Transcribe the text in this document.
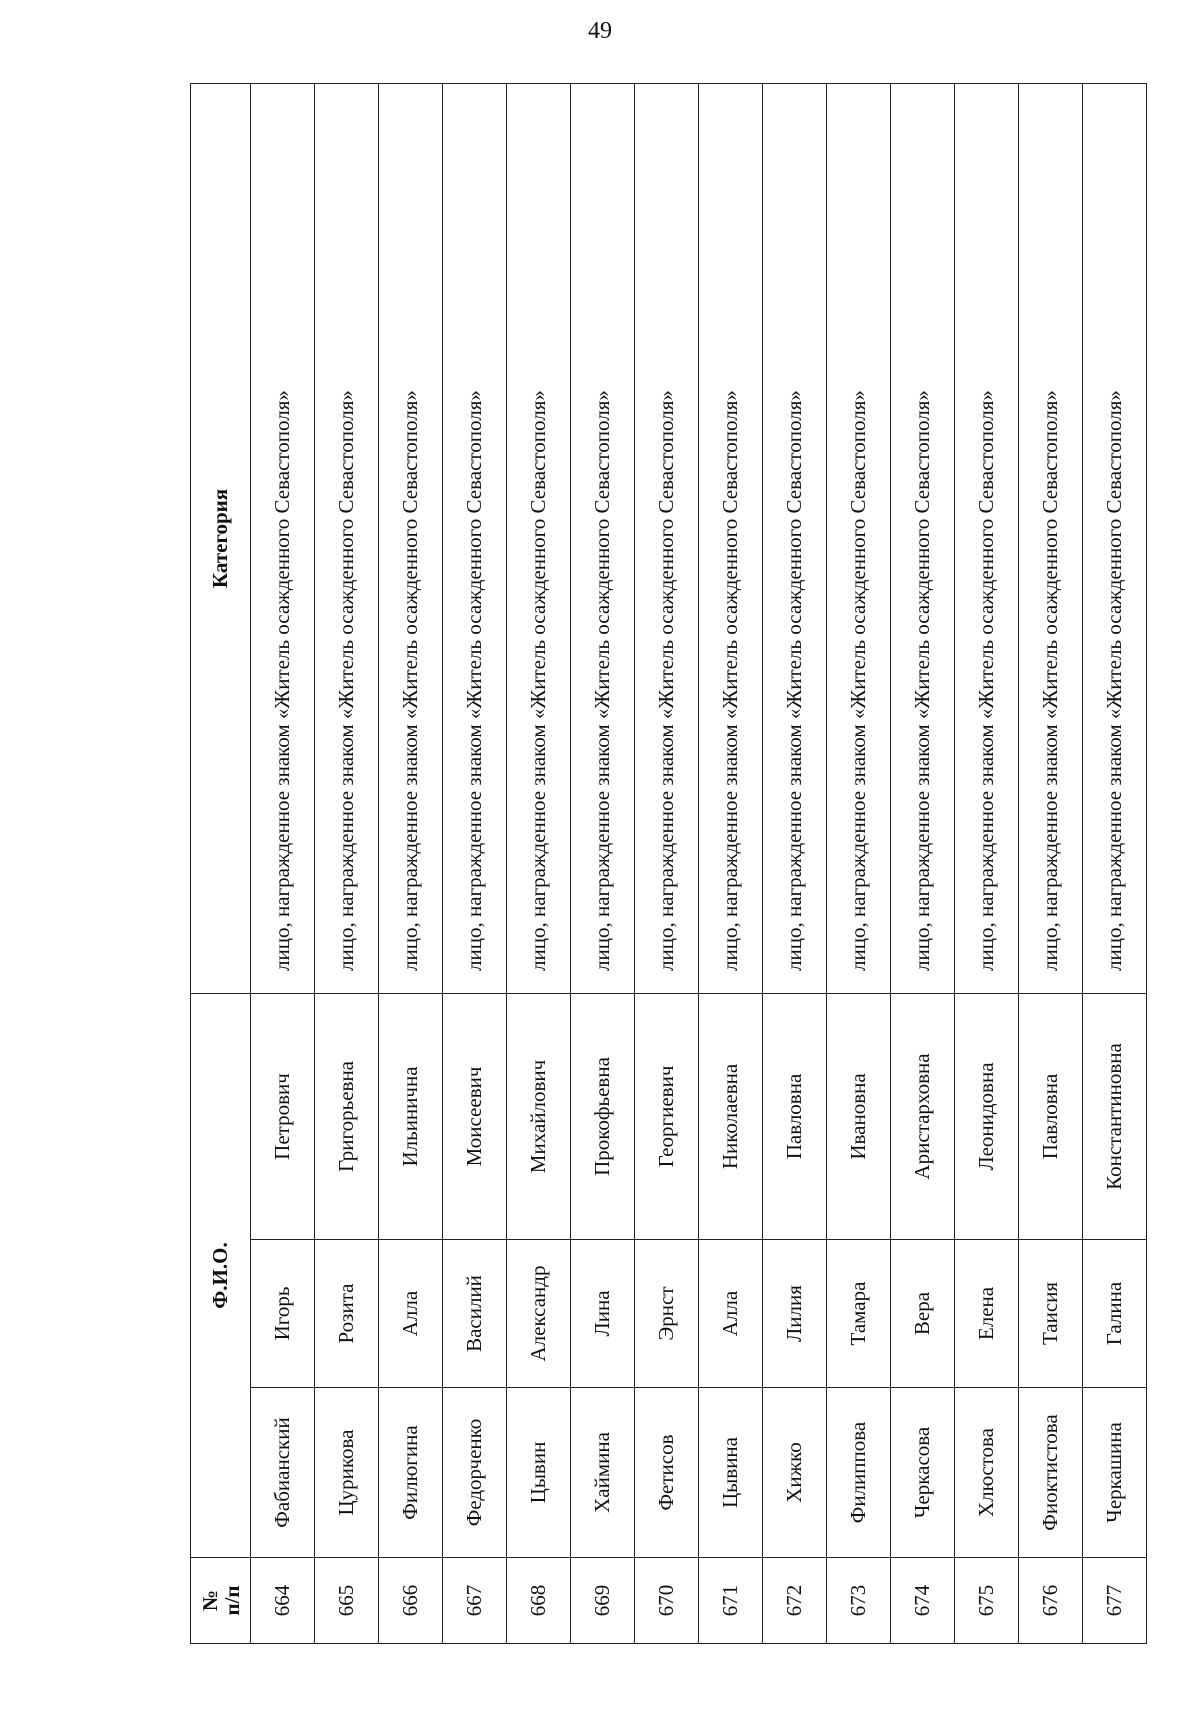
49
№
п/п	Ф.И.О.			Категория
664	Фабианский	Игорь	Петрович	лицо, награжденное знаком «Житель осажденного Севастополя»
665	Цурикова	Розита	Григорьевна	лицо, награжденное знаком «Житель осажденного Севастополя»
666	Филюгина	Алла	Ильинична	лицо, награжденное знаком «Житель осажденного Севастополя»
667	Федорченко	Василий	Моисеевич	лицо, награжденное знаком «Житель осажденного Севастополя»
668	Цывин	Александр	Михайлович	лицо, награжденное знаком «Житель осажденного Севастополя»
669	Хаймина	Лина	Прокофьевна	лицо, награжденное знаком «Житель осажденного Севастополя»
670	Фетисов	Эрнст	Георгиевич	лицо, награжденное знаком «Житель осажденного Севастополя»
671	Цывина	Алла	Николаевна	лицо, награжденное знаком «Житель осажденного Севастополя»
672	Хижко	Лилия	Павловна	лицо, награжденное знаком «Житель осажденного Севастополя»
673	Филиппова	Тамара	Ивановна	лицо, награжденное знаком «Житель осажденного Севастополя»
674	Черкасова	Вера	Аристарховна	лицо, награжденное знаком «Житель осажденного Севастополя»
675	Хлюстова	Елена	Леонидовна	лицо, награжденное знаком «Житель осажденного Севастополя»
676	Фиоктистова	Таисия	Павловна	лицо, награжденное знаком «Житель осажденного Севастополя»
677	Черкашина	Галина	Константиновна	лицо, награжденное знаком «Житель осажденного Севастополя»
